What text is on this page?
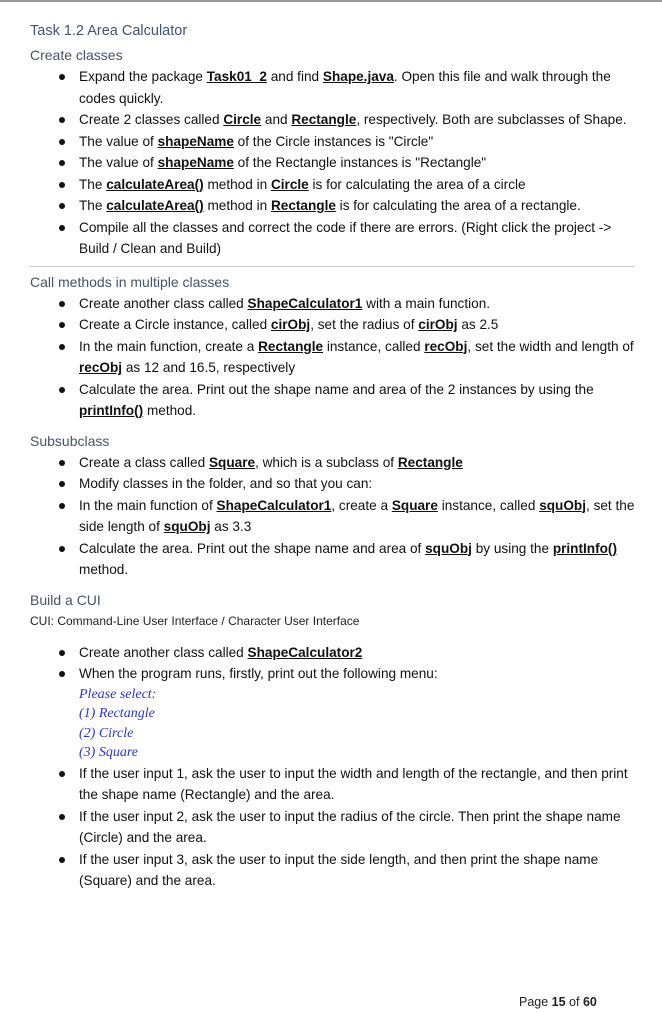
Task 1.2 Area Calculator
Create classes
Expand the package Task01_2 and find Shape.java. Open this file and walk through the codes quickly.
Create 2 classes called Circle and Rectangle, respectively. Both are subclasses of Shape.
The value of shapeName of the Circle instances is "Circle"
The value of shapeName of the Rectangle instances is "Rectangle"
The calculateArea() method in Circle is for calculating the area of a circle
The calculateArea() method in Rectangle is for calculating the area of a rectangle.
Compile all the classes and correct the code if there are errors. (Right click the project -> Build / Clean and Build)
Call methods in multiple classes
Create another class called ShapeCalculator1 with a main function.
Create a Circle instance, called cirObj, set the radius of cirObj as 2.5
In the main function, create a Rectangle instance, called recObj, set the width and length of recObj as 12 and 16.5, respectively
Calculate the area. Print out the shape name and area of the 2 instances by using the printInfo() method.
Subsubclass
Create a class called Square, which is a subclass of Rectangle
Modify classes in the folder, and so that you can:
In the main function of ShapeCalculator1, create a Square instance, called squObj, set the side length of squObj as 3.3
Calculate the area. Print out the shape name and area of squObj by using the printInfo() method.
Build a CUI
CUI: Command-Line User Interface / Character User Interface
Create another class called ShapeCalculator2
When the program runs, firstly, print out the following menu:
Please select:
(1) Rectangle
(2) Circle
(3) Square
If the user input 1, ask the user to input the width and length of the rectangle, and then print the shape name (Rectangle) and the area.
If the user input 2, ask the user to input the radius of the circle. Then print the shape name (Circle) and the area.
If the user input 3, ask the user to input the side length, and then print the shape name (Square) and the area.
Page 15 of 60
